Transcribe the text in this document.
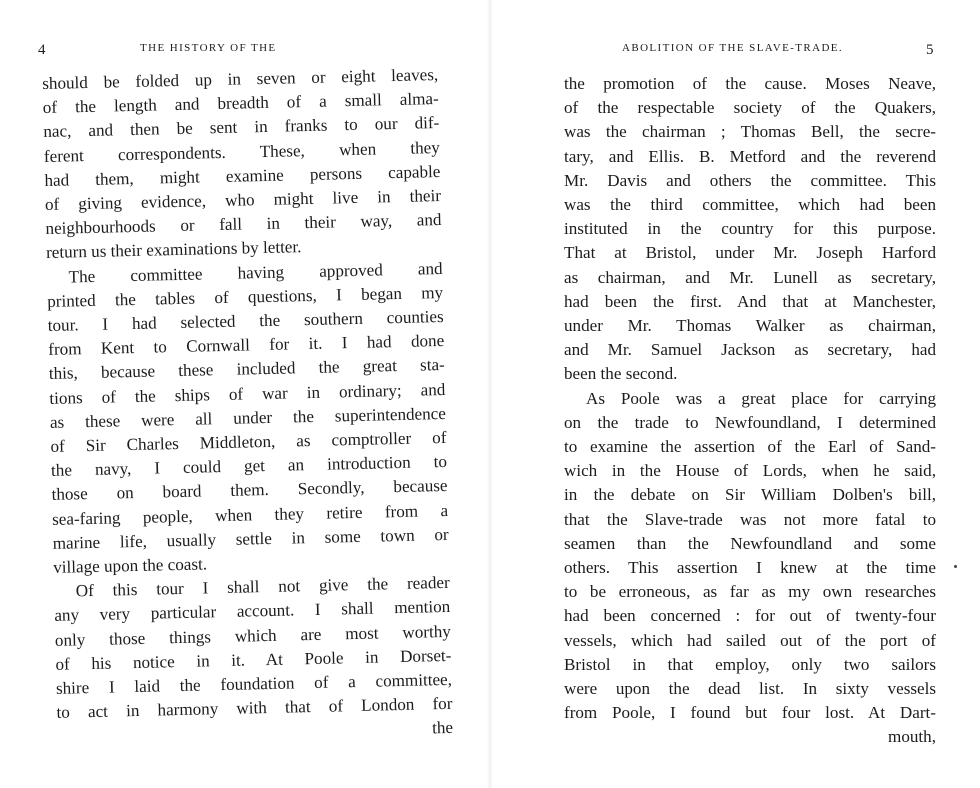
4	THE HISTORY OF THE
should be folded up in seven or eight leaves,
of the length and breadth of a small alma-
nac, and then be sent in franks to our dif-
ferent correspondents. These, when they
had them, might examine persons capable
of giving evidence, who might live in their
neighbourhoods or fall in their way, and
return us their examinations by letter.
The committee having approved and
printed the tables of questions, I began my
tour. I had selected the southern counties
from Kent to Cornwall for it. I had done
this, because these included the great sta-
tions of the ships of war in ordinary; and
as these were all under the superintendence
of Sir Charles Middleton, as comptroller of
the navy, I could get an introduction to
those on board them. Secondly, because
sea-faring people, when they retire from a
marine life, usually settle in some town or
village upon the coast.
Of this tour I shall not give the reader
any very particular account. I shall mention
only those things which are most worthy
of his notice in it. At Poole in Dorset-
shire I laid the foundation of a committee,
to act in harmony with that of London for
the
ABOLITION OF THE SLAVE-TRADE.	5
the promotion of the cause. Moses Neave,
of the respectable society of the Quakers,
was the chairman ; Thomas Bell, the secre-
tary, and Ellis. B. Metford and the reverend
Mr. Davis and others the committee. This
was the third committee, which had been
instituted in the country for this purpose.
That at Bristol, under Mr. Joseph Harford
as chairman, and Mr. Lunell as secretary,
had been the first. And that at Manchester,
under Mr. Thomas Walker as chairman,
and Mr. Samuel Jackson as secretary, had
been the second.
As Poole was a great place for carrying
on the trade to Newfoundland, I determined
to examine the assertion of the Earl of Sand-
wich in the House of Lords, when he said,
in the debate on Sir William Dolben's bill,
that the Slave-trade was not more fatal to
seamen than the Newfoundland and some
others. This assertion I knew at the time
to be erroneous, as far as my own researches
had been concerned : for out of twenty-four
vessels, which had sailed out of the port of
Bristol in that employ, only two sailors
were upon the dead list. In sixty vessels
from Poole, I found but four lost. At Dart-
mouth,
